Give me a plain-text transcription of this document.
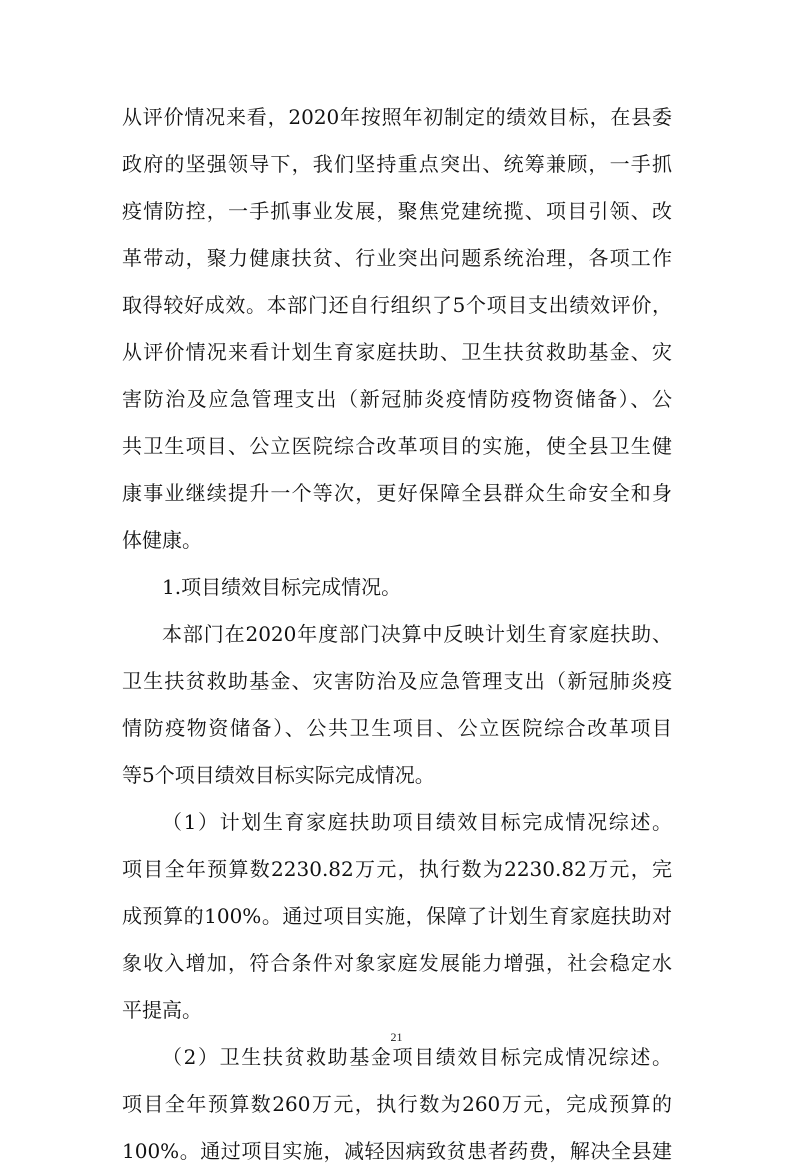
从评价情况来看，2020年按照年初制定的绩效目标，在县委
政府的坚强领导下，我们坚持重点突出、统筹兼顾，一手抓
疫情防控，一手抓事业发展，聚焦党建统揽、项目引领、改
革带动，聚力健康扶贫、行业突出问题系统治理，各项工作
取得较好成效。本部门还自行组织了5个项目支出绩效评价，
从评价情况来看计划生育家庭扶助、卫生扶贫救助基金、灾
害防治及应急管理支出（新冠肺炎疫情防疫物资储备）、公
共卫生项目、公立医院综合改革项目的实施，使全县卫生健
康事业继续提升一个等次，更好保障全县群众生命安全和身
体健康。
1.项目绩效目标完成情况。
本部门在2020年度部门决算中反映计划生育家庭扶助、
卫生扶贫救助基金、灾害防治及应急管理支出（新冠肺炎疫
情防疫物资储备）、公共卫生项目、公立医院综合改革项目
等5个项目绩效目标实际完成情况。
（1）计划生育家庭扶助项目绩效目标完成情况综述。
项目全年预算数2230.82万元，执行数为2230.82万元，完
成预算的100%。通过项目实施，保障了计划生育家庭扶助对
象收入增加，符合条件对象家庭发展能力增强，社会稳定水
平提高。
（2）卫生扶贫救助基金项目绩效目标完成情况综述。
项目全年预算数260万元，执行数为260万元，完成预算的
100%。通过项目实施，减轻因病致贫患者药费，解决全县建
21
